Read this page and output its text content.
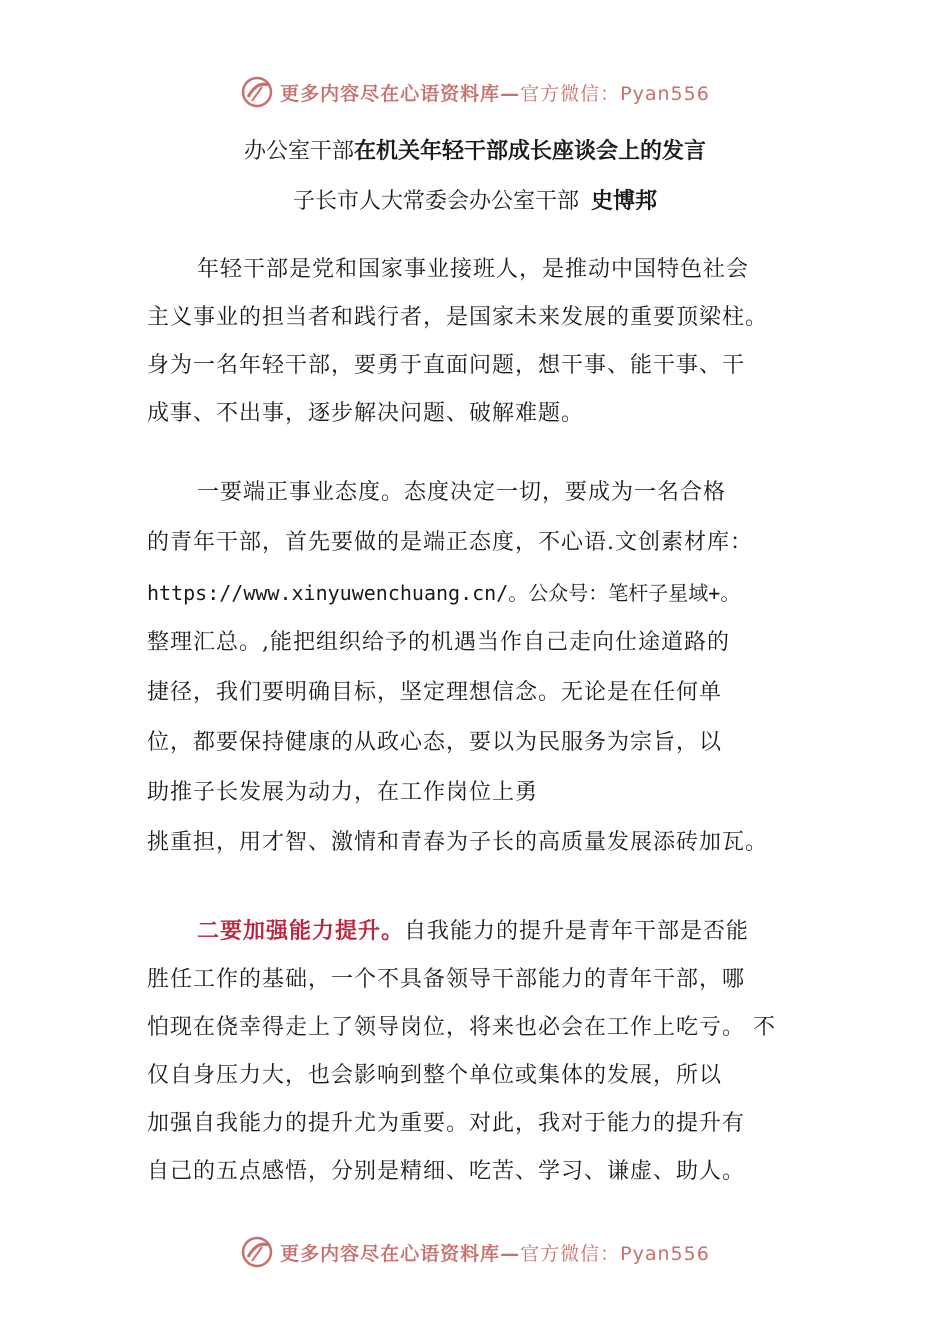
更多内容尽在心语资料库— 官方微信：Pyan556
办公室干部在机关年轻干部成长座谈会上的发言
子长市人大常委会办公室干部 史博邦
年轻干部是党和国家事业接班人，是推动中国特色社会
主义事业的担当者和践行者，是国家未来发展的重要顶梁柱。
身为一名年轻干部，要勇于直面问题，想干事、能干事、干
成事、不出事，逐步解决问题、破解难题。
一要端正事业态度。态度决定一切，要成为一名合格
的青年干部，首先要做的是端正态度，不心语.文创素材库：
https://www.xinyuwenchuang.cn/。公众号：笔杆子星域+。
整理汇总。,能把组织给予的机遇当作自己走向仕途道路的
捷径，我们要明确目标，坚定理想信念。无论是在任何单
位，都要保持健康的从政心态，要以为民服务为宗旨，以
助推子长发展为动力，在工作岗位上勇
挑重担，用才智、激情和青春为子长的高质量发展添砖加瓦。
二要加强能力提升。自我能力的提升是青年干部是否能
胜任工作的基础，一个不具备领导干部能力的青年干部，哪
怕现在侥幸得走上了领导岗位，将来也必会在工作上吃亏。 不
仅自身压力大，也会影响到整个单位或集体的发展，所以
加强自我能力的提升尤为重要。对此，我对于能力的提升有
自己的五点感悟，分别是精细、吃苦、学习、谦虚、助人。
更多内容尽在心语资料库— 官方微信：Pyan556
